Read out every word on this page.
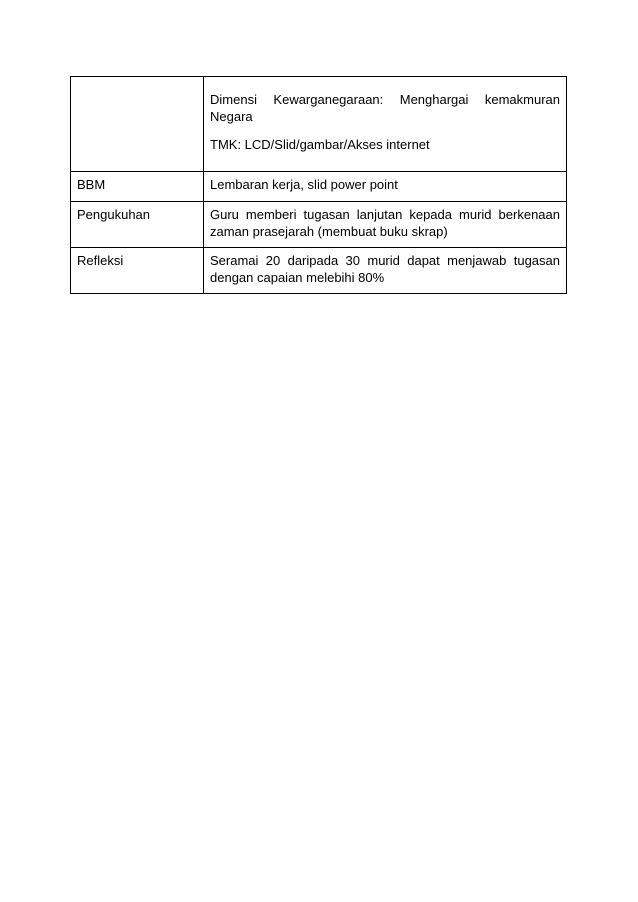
	Dimensi Kewarganegaraan: Menghargai kemakmuran Negara
TMK: LCD/Slid/gambar/Akses internet

BBM	Lembaran kerja, slid power point
Pengukuhan	Guru memberi tugasan lanjutan kepada murid berkenaan
zaman prasejarah (membuat buku skrap)

Refleksi	Seramai 20 daripada 30 murid dapat menjawab tugasan
dengan capaian melebihi 80%
